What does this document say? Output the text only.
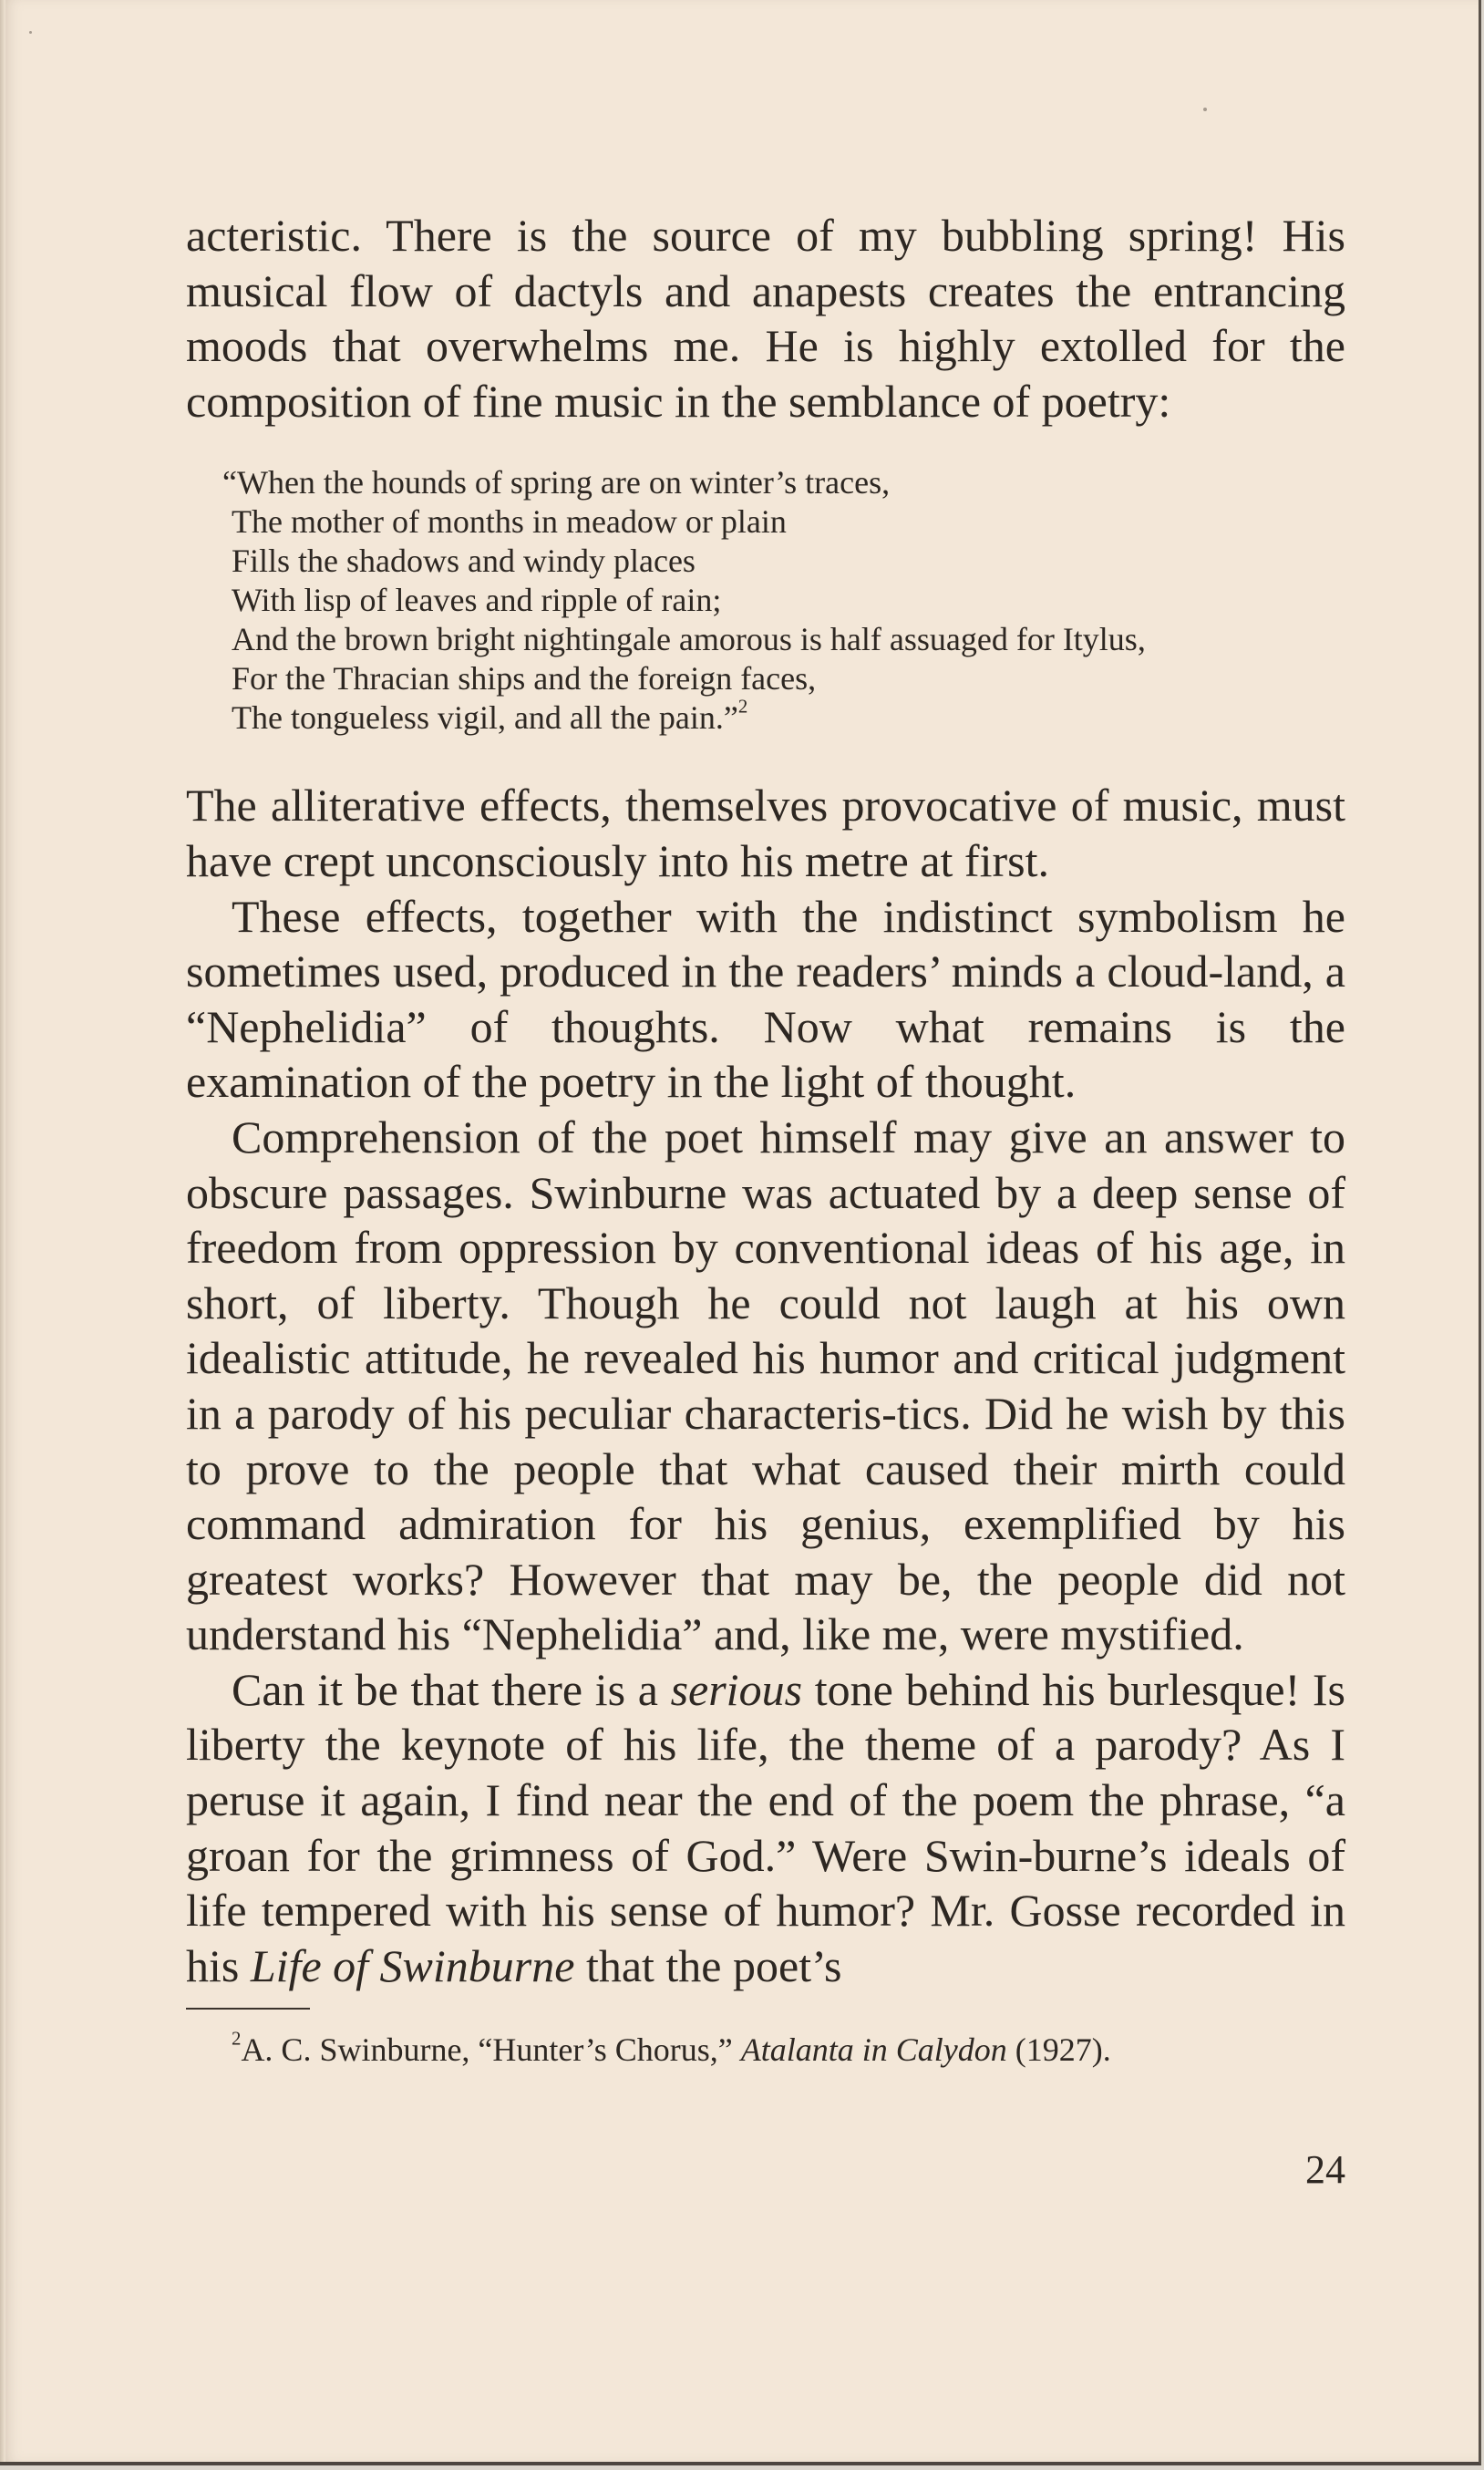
acteristic. There is the source of my bubbling spring! His musical flow of dactyls and anapests creates the entrancing moods that overwhelms me. He is highly extolled for the composition of fine music in the semblance of poetry:

“When the hounds of spring are on winter’s traces,
The mother of months in meadow or plain
Fills the shadows and windy places
With lisp of leaves and ripple of rain;
And the brown bright nightingale amorous is half assuaged for Itylus,
For the Thracian ships and the foreign faces,
The tongueless vigil, and all the pain.”$^2$

The alliterative effects, themselves provocative of music, must have crept unconsciously into his metre at first.

These effects, together with the indistinct symbolism he sometimes used, produced in the readers’ minds a cloud-land, a “Nephelidia” of thoughts. Now what remains is the examination of the poetry in the light of thought.

Comprehension of the poet himself may give an answer to obscure passages. Swinburne was actuated by a deep sense of freedom from oppression by conventional ideas of his age, in short, of liberty. Though he could not laugh at his own idealistic attitude, he revealed his humor and critical judgment in a parody of his peculiar characteris-tics. Did he wish by this to prove to the people that what caused their mirth could command admiration for his genius, exemplified by his greatest works? However that may be, the people did not understand his “Nephelidia” and, like me, were mystified.

Can it be that there is a serious tone behind his burlesque! Is liberty the keynote of his life, the theme of a parody? As I peruse it again, I find near the end of the poem the phrase, “a groan for the grimness of God.” Were Swin-burne’s ideals of life tempered with his sense of humor? Mr. Gosse recorded in his Life of Swinburne that the poet’s

$^2$A. C. Swinburne, “Hunter’s Chorus,” Atalanta in Calydon (1927).

24
